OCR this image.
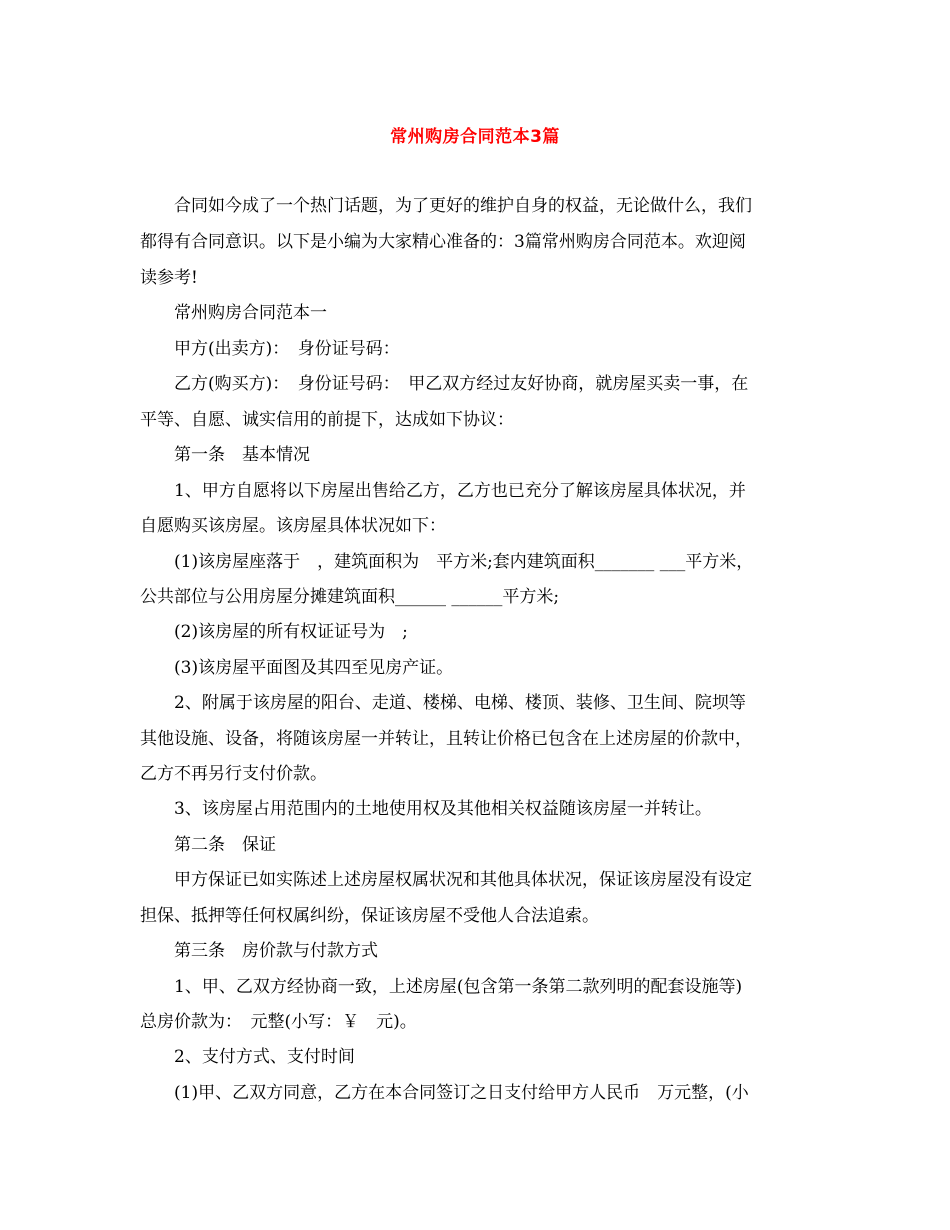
常州购房合同范本3篇
　　合同如今成了一个热门话题，为了更好的维护自身的权益，无论做什么，我们
都得有合同意识。以下是小编为大家精心准备的：3篇常州购房合同范本。欢迎阅
读参考!
　　常州购房合同范本一
　　甲方(出卖方)：　身份证号码：
　　乙方(购买方)：　身份证号码：　甲乙双方经过友好协商，就房屋买卖一事，在
平等、自愿、诚实信用的前提下，达成如下协议：
　　第一条　基本情况
　　1、甲方自愿将以下房屋出售给乙方，乙方也已充分了解该房屋具体状况，并
自愿购买该房屋。该房屋具体状况如下：
　　(1)该房屋座落于　，建筑面积为　平方米;套内建筑面积_______ ___平方米，
公共部位与公用房屋分摊建筑面积______ ______平方米;
　　(2)该房屋的所有权证证号为　;
　　(3)该房屋平面图及其四至见房产证。
　　2、附属于该房屋的阳台、走道、楼梯、电梯、楼顶、装修、卫生间、院坝等
其他设施、设备，将随该房屋一并转让，且转让价格已包含在上述房屋的价款中，
乙方不再另行支付价款。
　　3、该房屋占用范围内的土地使用权及其他相关权益随该房屋一并转让。
　　第二条　保证
　　甲方保证已如实陈述上述房屋权属状况和其他具体状况，保证该房屋没有设定
担保、抵押等任何权属纠纷，保证该房屋不受他人合法追索。
　　第三条　房价款与付款方式
　　1、甲、乙双方经协商一致，上述房屋(包含第一条第二款列明的配套设施等)
总房价款为：　元整(小写：￥　元)。
　　2、支付方式、支付时间
　　(1)甲、乙双方同意，乙方在本合同签订之日支付给甲方人民币　万元整，(小
